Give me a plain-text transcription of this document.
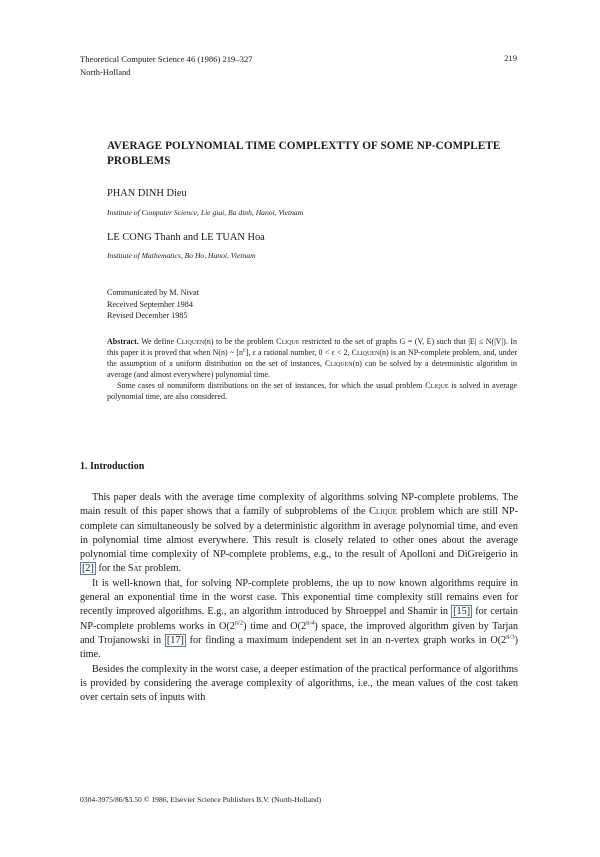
Theoretical Computer Science 46 (1986) 219–327
North-Holland
219
AVERAGE POLYNOMIAL TIME COMPLEXTTY OF SOME NP-COMPLETE PROBLEMS
PHAN DINH Dieu
Institute of Computer Science, Lie giai, Ba dinh, Hanoi, Vietnam
LE CONG Thanh and LE TUAN Hoa
Institute of Mathematics, Bo Ho, Hanoi, Vietnam
Communicated by M. Nivat
Received September 1984
Revised December 1985

Abstract. We define Cliquen(n) to be the problem Clique restricted to the set of graphs G = (V, E) such that |E| ≤ N(|V|). In this paper it is proved that when N(n) ~ $[n^\varepsilon]$, ε a rational number, 0 < ε < 2, Cliquen(n) is an NP-complete problem, and, under the assumption of a uniform distribution on the set of instances, Cliquen(n) can be solved by a deterministic algorithm in average (and almost everywhere) polynomial time.

Some cases of nonuniform distributions on the set of instances, for which the usual problem Clique is solved in average polynomial time, are also considered.

1. Introduction

This paper deals with the average time complexity of algorithms solving NP-complete problems. The main result of this paper shows that a family of subproblems of the Clique problem which are still NP-complete can simultaneously be solved by a deterministic algorithm in average polynomial time, and even in polynomial time almost everywhere. This result is closely related to other ones about the average polynomial time complexity of NP-complete problems, e.g., to the result of Apolloni and DiGreigerio in [2] for the Sat problem.

It is well-known that, for solving NP-complete problems, the up to now known algorithms require in general an exponential time in the worst case. This exponential time complexity still remains even for recently improved algorithms. E.g., an algorithm introduced by Shroeppel and Shamir in [15] for certain NP-complete problems works in $O(2^{n/2})$ time and $O(2^{n/4})$ space, the improved algorithm given by Tarjan and Trojanowski in [17] for finding a maximum independent set in an n-vertex graph works in $O(2^{n/3})$ time.

Besides the complexity in the worst case, a deeper estimation of the practical performance of algorithms is provided by considering the average complexity of algorithms, i.e., the mean values of the cost taken over certain sets of inputs with

0304-3975/86/$3.50 © 1986, Elsevier Science Publishers B.V. (North-Holland)
